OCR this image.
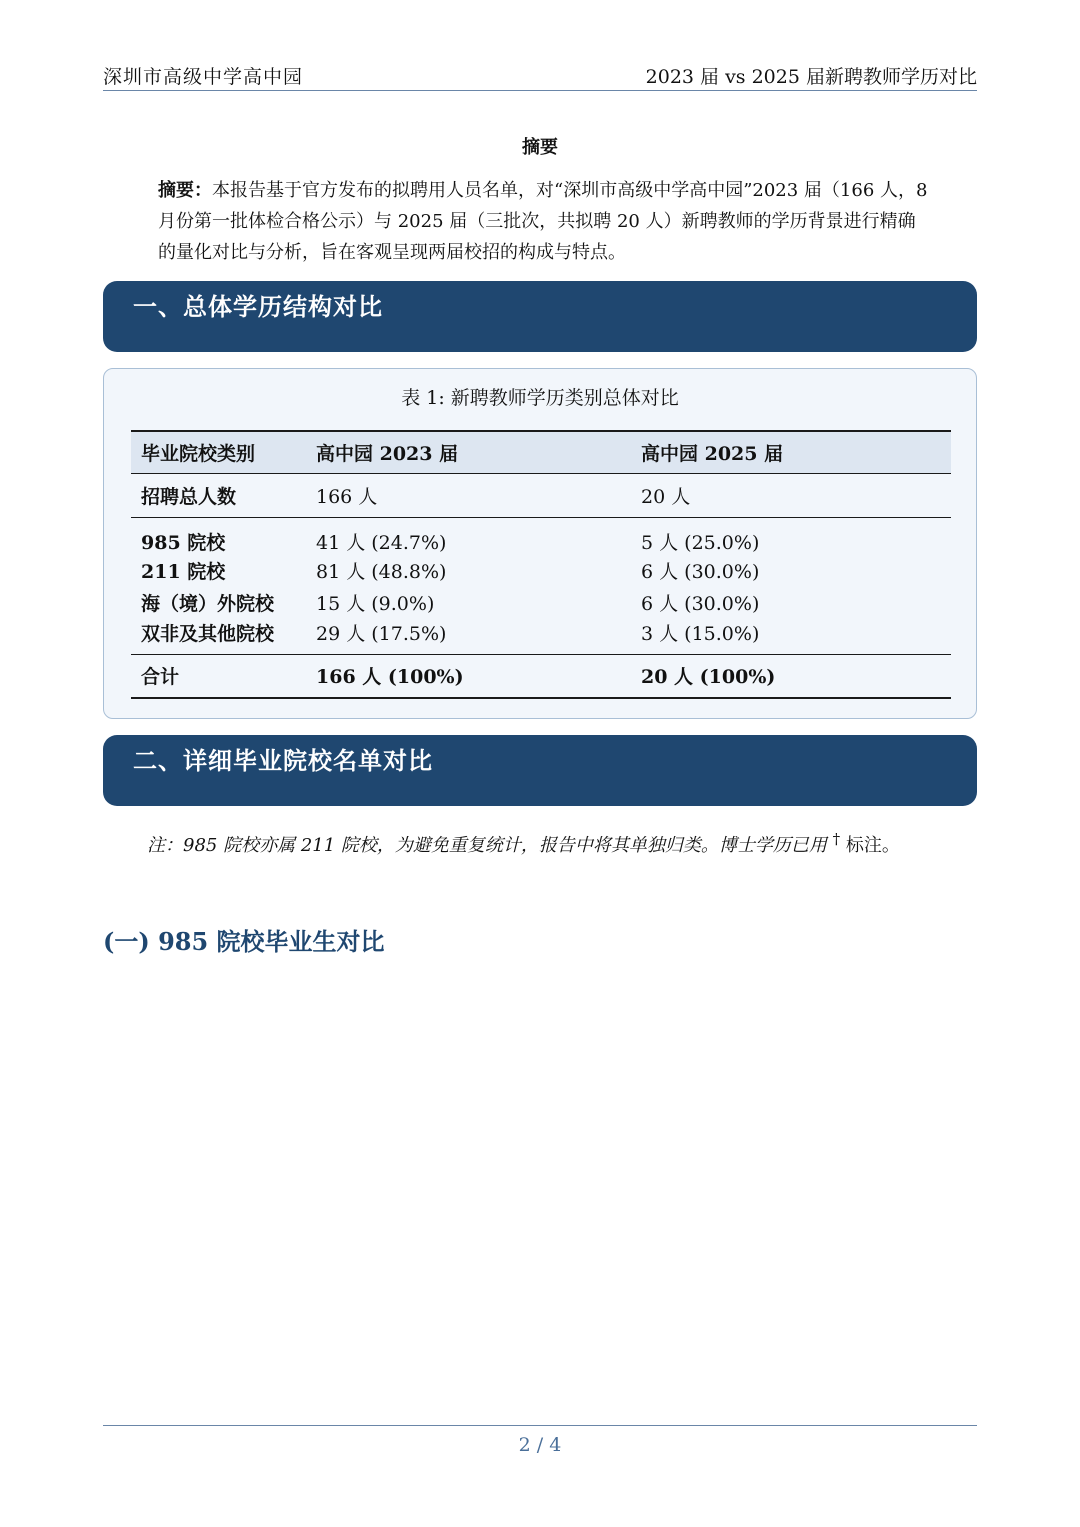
深圳市高级中学高中园	2023 届 vs 2025 届新聘教师学历对比
摘要
摘要：本报告基于官方发布的拟聘用人员名单，对“深圳市高级中学高中园”2023 届（166 人，8 月份第一批体检合格公示）与 2025 届（三批次，共拟聘 20 人）新聘教师的学历背景进行精确的量化对比与分析，旨在客观呈现两届校招的构成与特点。
一、总体学历结构对比
表 1: 新聘教师学历类别总体对比
毕业院校类别	高中园 2023 届	高中园 2025 届
招聘总人数	166 人	20 人
985 院校	41 人 (24.7%)	5 人 (25.0%)
211 院校	81 人 (48.8%)	6 人 (30.0%)
海（境）外院校	15 人 (9.0%)	6 人 (30.0%)
双非及其他院校	29 人 (17.5%)	3 人 (15.0%)
合计	166 人 (100%)	20 人 (100%)
二、详细毕业院校名单对比
注：985 院校亦属 211 院校，为避免重复统计，报告中将其单独归类。博士学历已用 † 标注。
(一) 985 院校毕业生对比
2 / 4
